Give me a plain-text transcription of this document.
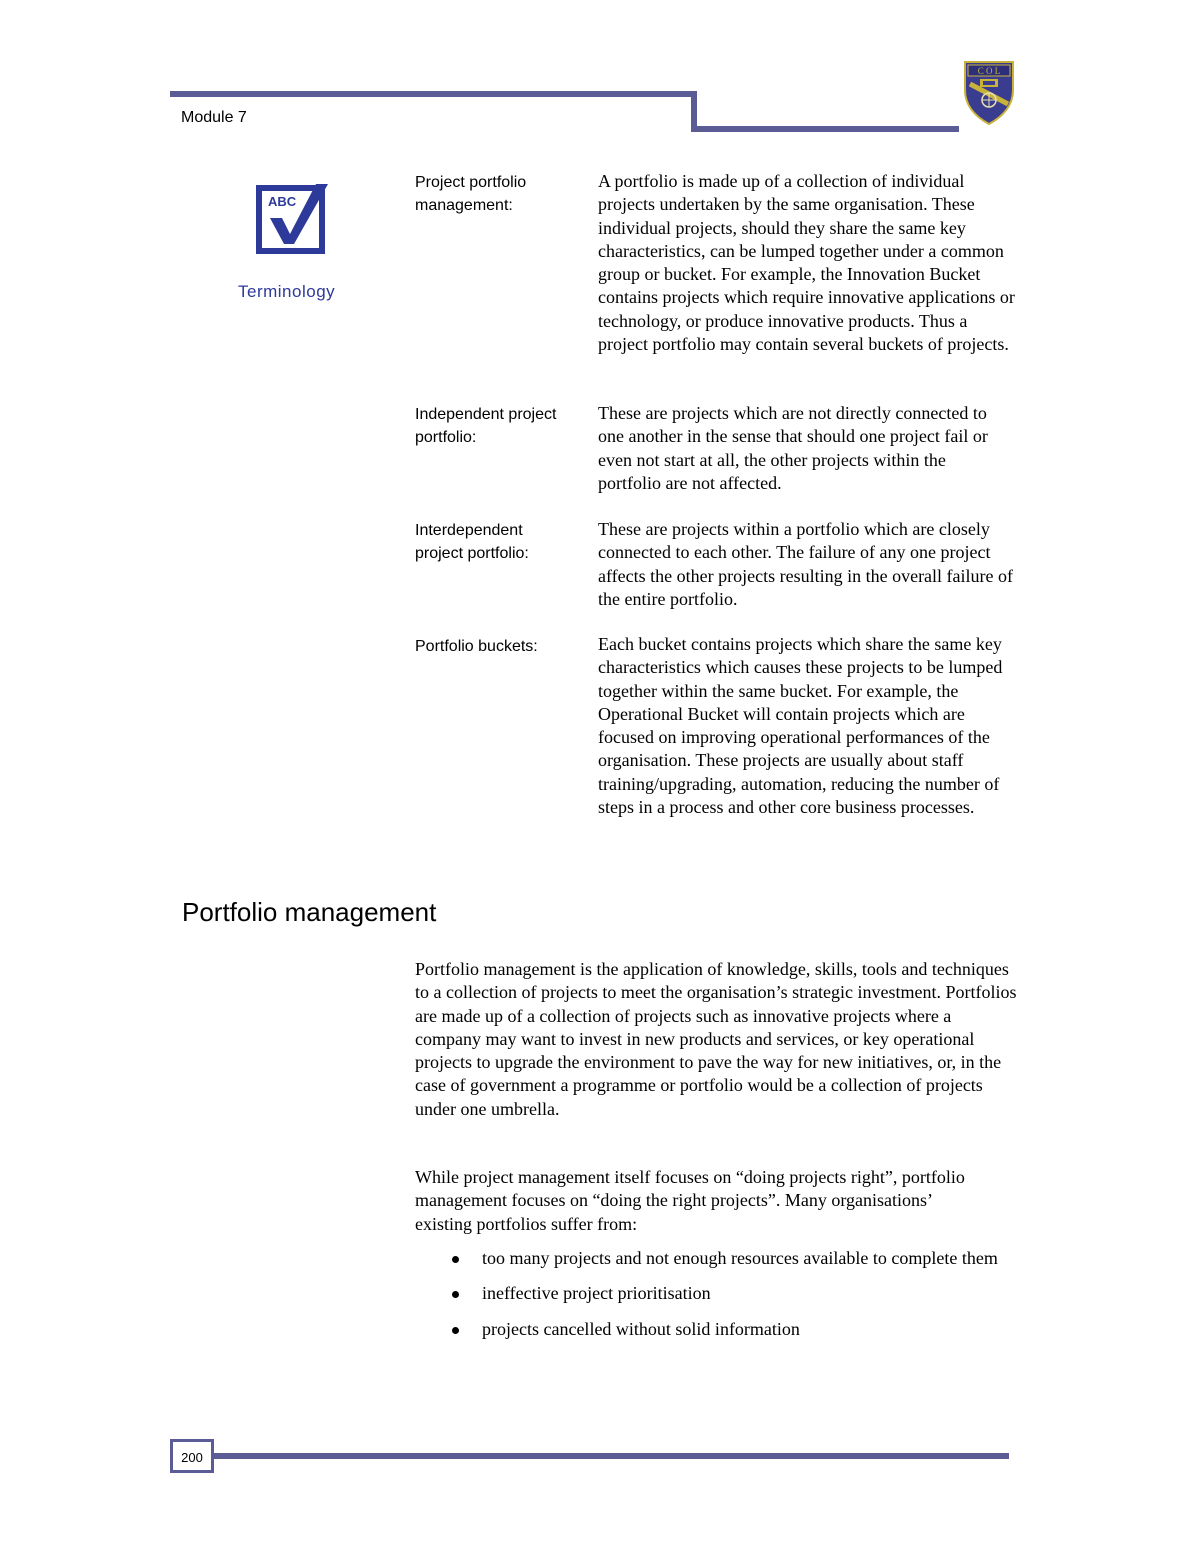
Module 7
C O L
ABC
Terminology
Project portfolio management:
A portfolio is made up of a collection of individual projects undertaken by the same organisation. These individual projects, should they share the same key characteristics, can be lumped together under a common group or bucket. For example, the Innovation Bucket contains projects which require innovative applications or technology, or produce innovative products. Thus a project portfolio may contain several buckets of projects.
Independent project portfolio:
These are projects which are not directly connected to one another in the sense that should one project fail or even not start at all, the other projects within the portfolio are not affected.
Interdependent project portfolio:
These are projects within a portfolio which are closely connected to each other. The failure of any one project affects the other projects resulting in the overall failure of the entire portfolio.
Portfolio buckets:	Each bucket contains projects which share the same key characteristics which causes these projects to be lumped together within the same bucket. For example, the Operational Bucket will contain projects which are focused on improving operational performances of the organisation. These projects are usually about staff training/upgrading, automation, reducing the number of steps in a process and other core business processes.
Portfolio management

Portfolio management is the application of knowledge, skills, tools and techniques to a collection of projects to meet the organisation’s strategic investment. Portfolios are made up of a collection of projects such as innovative projects where a company may want to invest in new products and services, or key operational projects to upgrade the environment to pave the way for new initiatives, or, in the case of government a programme or portfolio would be a collection of projects under one umbrella.

While project management itself focuses on “doing projects right”, portfolio management focuses on “doing the right projects”. Many organisations’ existing portfolios suffer from:

too many projects and not enough resources available to complete them
ineffective project prioritisation
projects cancelled without solid information
200
